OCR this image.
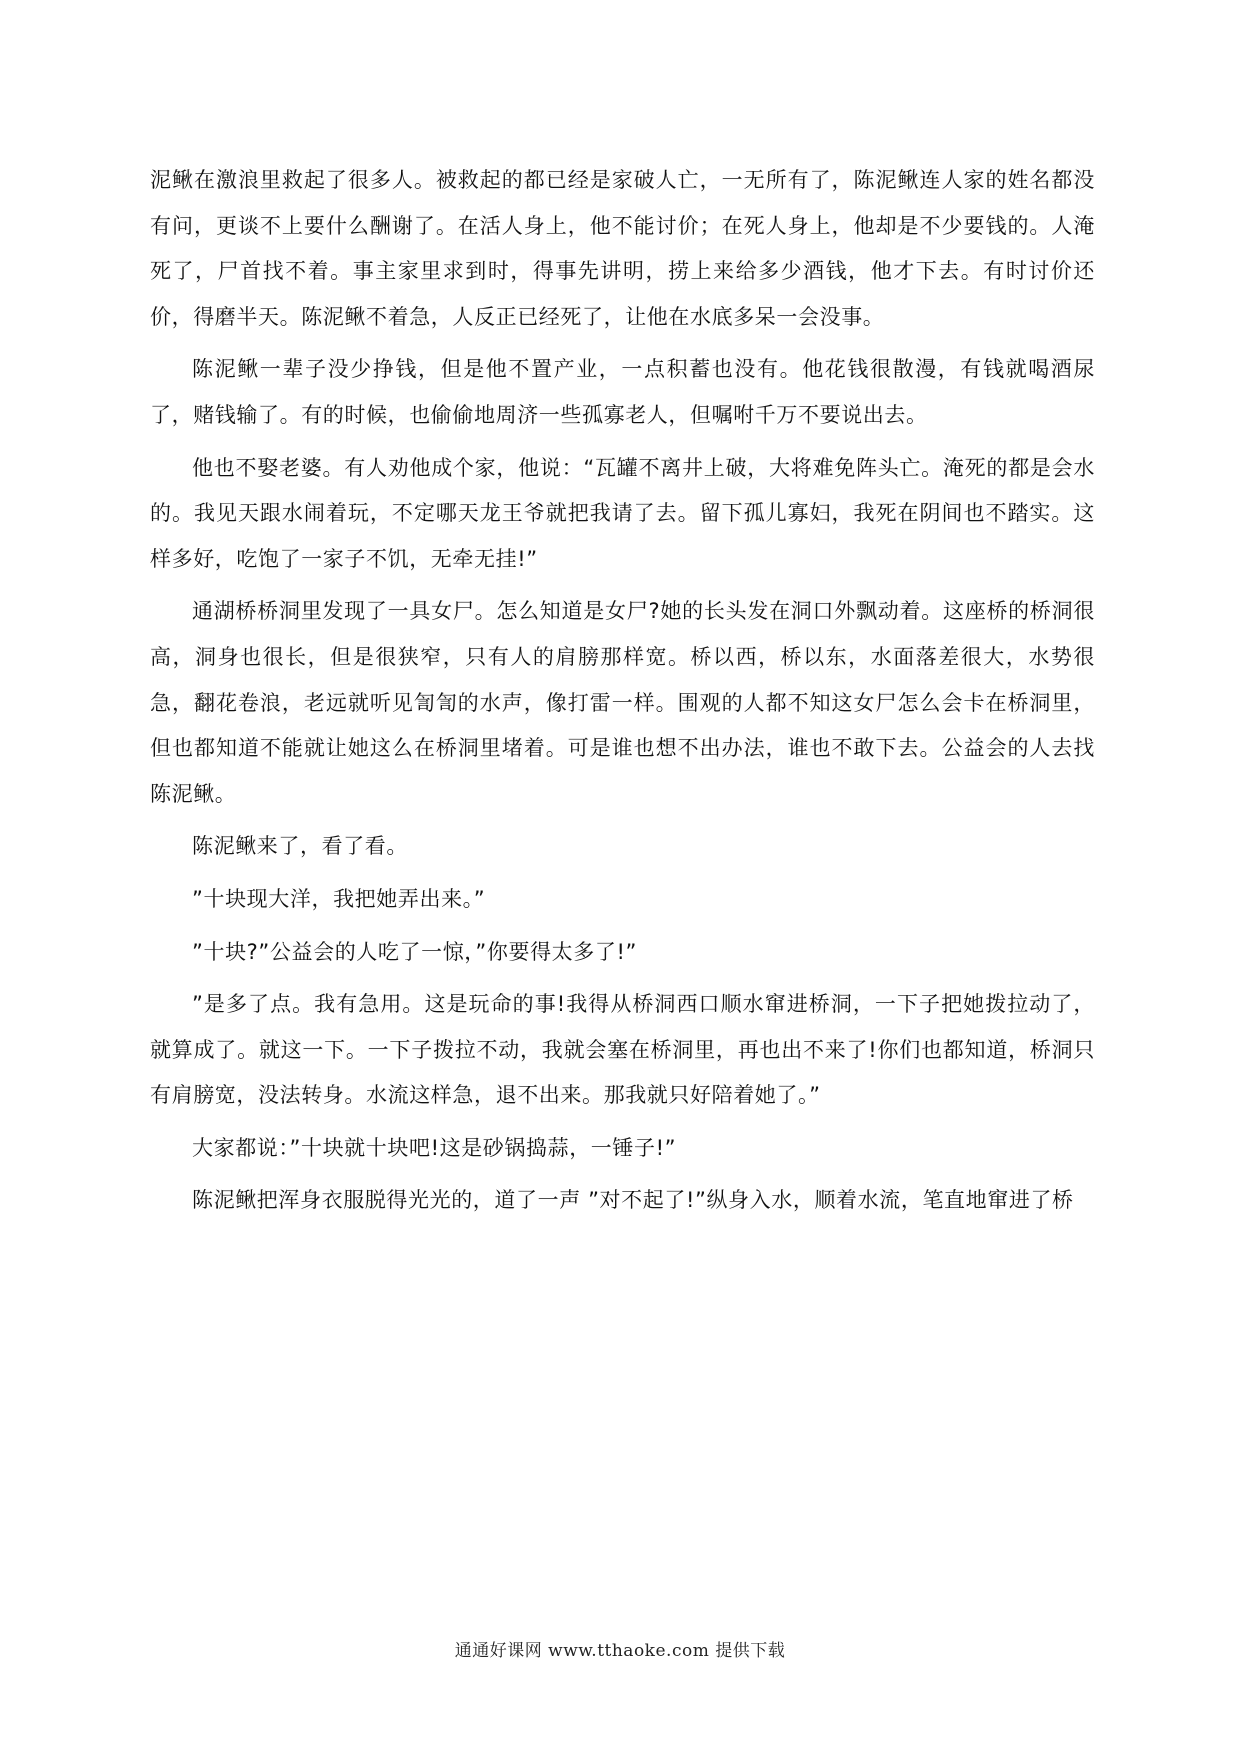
泥鳅在激浪里救起了很多人。被救起的都已经是家破人亡，一无所有了，陈泥鳅连人家的姓名都没有问，更谈不上要什么酬谢了。在活人身上，他不能讨价；在死人身上，他却是不少要钱的。人淹死了，尸首找不着。事主家里求到时，得事先讲明，捞上来给多少酒钱，他才下去。有时讨价还价，得磨半天。陈泥鳅不着急，人反正已经死了，让他在水底多呆一会没事。

陈泥鳅一辈子没少挣钱，但是他不置产业，一点积蓄也没有。他花钱很散漫，有钱就喝酒尿了，赌钱输了。有的时候，也偷偷地周济一些孤寡老人，但嘱咐千万不要说出去。

他也不娶老婆。有人劝他成个家，他说：“瓦罐不离井上破，大将难免阵头亡。淹死的都是会水的。我见天跟水闹着玩，不定哪天龙王爷就把我请了去。留下孤儿寡妇，我死在阴间也不踏实。这样多好，吃饱了一家子不饥，无牵无挂!”

通湖桥桥洞里发现了一具女尸。怎么知道是女尸?她的长头发在洞口外飘动着。这座桥的桥洞很高，洞身也很长，但是很狭窄，只有人的肩膀那样宽。桥以西，桥以东，水面落差很大，水势很急，翻花卷浪，老远就听见訇訇的水声，像打雷一样。围观的人都不知这女尸怎么会卡在桥洞里，但也都知道不能就让她这么在桥洞里堵着。可是谁也想不出办法，谁也不敢下去。公益会的人去找陈泥鳅。

陈泥鳅来了，看了看。

”十块现大洋，我把她弄出来。”

”十块?”公益会的人吃了一惊，”你要得太多了!”

”是多了点。我有急用。这是玩命的事!我得从桥洞西口顺水窜进桥洞，一下子把她拨拉动了，就算成了。就这一下。一下子拨拉不动，我就会塞在桥洞里，再也出不来了!你们也都知道，桥洞只有肩膀宽，没法转身。水流这样急，退不出来。那我就只好陪着她了。”

大家都说：”十块就十块吧!这是砂锅捣蒜，一锤子!”

陈泥鳅把浑身衣服脱得光光的，道了一声 ”对不起了!”纵身入水，顺着水流，笔直地窜进了桥

通通好课网 www.tthaoke.com 提供下载
